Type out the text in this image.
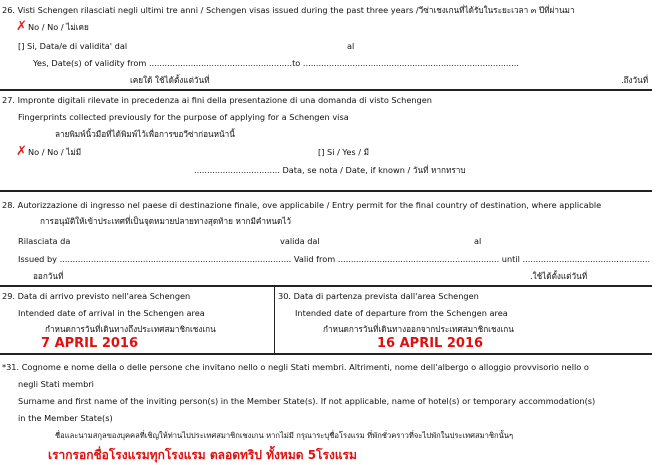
26. Visti Schengen rilasciati negli ultimi tre anni / Schengen visas issued during the past three years /วีซ่าเชงเกนที่ได้รับในระยะเวลา ๓ ปีที่ผ่านมา
✗ No / No / ไม่เคย
[] Si, Data/e di validita' dal	al
Yes, Date(s) of validity from .......................................................to ...................................................................................
เคยใด้ ใช้ได้ตั้งแต่วันที่	.ถึงวันที่
27. Impronte digitali rilevate in precedenza ai fini della presentazione di una domanda di visto Schengen
Fingerprints collected previously for the purpose of applying for a Schengen visa
ลายพิมพ์นิ้วมือที่ได้พิมพ์ไว้เพื่อการขอวีซ่าก่อนหน้านี้
✗ No / No / ไม่มี	[] Si / Yes / มี
................................. Data, se nota / Date, if known / วันที่ หากทราบ
28. Autorizzazione di ingresso nel paese di destinazione finale, ove applicabile / Entry permit for the final country of destination, where applicable
การอนุมัติให้เข้าประเทศที่เป็นจุดหมายปลายทางสุดท้าย หากมีคำหนดไว้
Rilasciata da	valida dal	al
Issued by ......................................................................................... Valid from .............................................................. until .................................................
ออกวันที่	.ใช้ได้ตั้งแต่วันที่
29. Data di arrivo previsto nell'area Schengen
Intended date of arrival in the Schengen area
กำหนดการวันที่เดินทางถึงประเทศสมาชิกเชงเกน
7 APRIL 2016
30. Data di partenza prevista dall'area Schengen
Intended date of departure from the Schengen area
กำหนดการวันที่เดินทางออกจากประเทศสมาชิกเชงเกน
16 APRIL 2016
*31. Cognome e nome della o delle persone che invitano nello o negli Stati membri. Altrimenti, nome dell'albergo o alloggio provvisorio nello o
negli Stati membri
Surname and first name of the inviting person(s) in the Member State(s). If not applicable, name of hotel(s) or temporary accommodation(s)
in the Member State(s)
ชื่อและนามสกุลของบุคคลที่เชิญให้ท่านไปประเทศสมาชิกเชงเกน หากไม่มี กรุณาระบุชื่อโรงแรม ที่พักชั่วคราวที่จะไปพักในประเทศสมาชิกนั้นๆ
เรากรอกชื่อโรงแรมทุกโรงแรม ตลอดทริป ทั้งหมด 5โรงแรม
